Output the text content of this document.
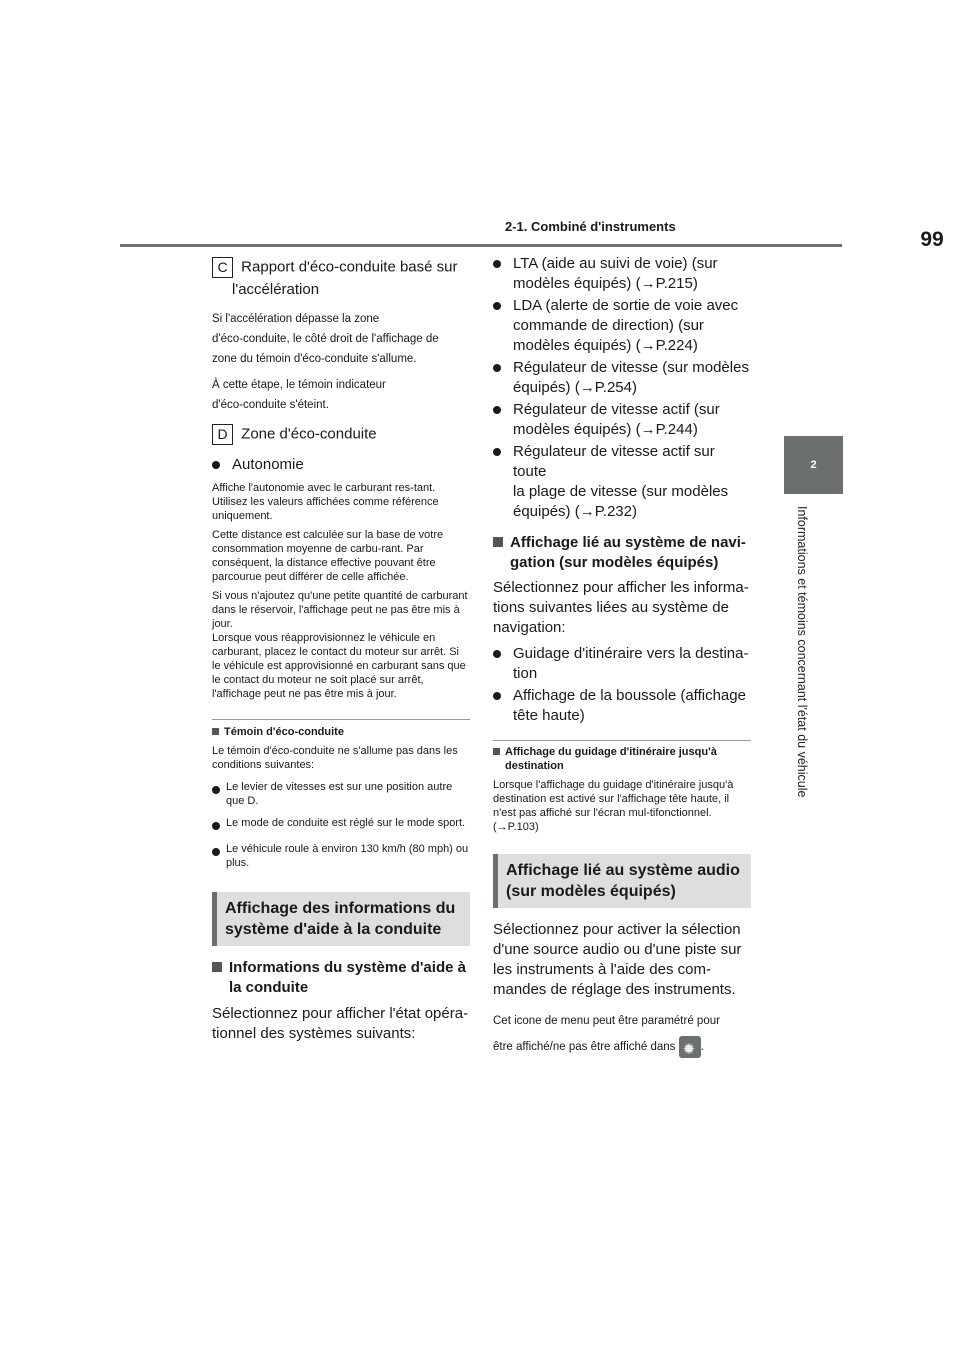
99
2-1. Combiné d'instruments
2
Informations et témoins concernant l'état du véhicule
C Rapport d'éco-conduite basé sur
l'accélération
Si l'accélération dépasse la zone
d'éco-conduite, le côté droit de l'affichage de
zone du témoin d'éco-conduite s'allume.
À cette étape, le témoin indicateur
d'éco-conduite s'éteint.
D Zone d'éco-conduite
Autonomie
Affiche l'autonomie avec le carburant res-tant. Utilisez les valeurs affichées comme référence uniquement.
Cette distance est calculée sur la base de votre consommation moyenne de carbu-rant. Par conséquent, la distance effective pouvant être parcourue peut différer de celle affichée.
Si vous n'ajoutez qu'une petite quantité de carburant dans le réservoir, l'affichage peut ne pas être mis à jour.
Lorsque vous réapprovisionnez le véhicule en carburant, placez le contact du moteur sur arrêt. Si le véhicule est approvisionné en carburant sans que le contact du moteur ne soit placé sur arrêt, l'affichage peut ne pas être mis à jour.
Témoin d'éco-conduite
Le témoin d'éco-conduite ne s'allume pas dans les conditions suivantes:
Le levier de vitesses est sur une position autre que D.
Le mode de conduite est réglé sur le mode sport.
Le véhicule roule à environ 130 km/h (80 mph) ou plus.
Affichage des informations du
système d'aide à la conduite
Informations du système d'aide à
la conduite
Sélectionnez pour afficher l'état opéra-
tionnel des systèmes suivants:
LTA (aide au suivi de voie) (sur
modèles équipés) (→P.215)
LDA (alerte de sortie de voie avec
commande de direction) (sur
modèles équipés) (→P.224)
Régulateur de vitesse (sur modèles
équipés) (→P.254)
Régulateur de vitesse actif (sur
modèles équipés) (→P.244)
Régulateur de vitesse actif sur toute
la plage de vitesse (sur modèles
équipés) (→P.232)
Affichage lié au système de navi-
gation (sur modèles équipés)
Sélectionnez pour afficher les informa-
tions suivantes liées au système de
navigation:
Guidage d'itinéraire vers la destina-
tion
Affichage de la boussole (affichage
tête haute)
Affichage du guidage d'itinéraire jusqu'à destination
Lorsque l'affichage du guidage d'itinéraire jusqu'à destination est activé sur l'affichage tête haute, il n'est pas affiché sur l'écran mul-tifonctionnel. (→P.103)
Affichage lié au système audio
(sur modèles équipés)
Sélectionnez pour activer la sélection
d'une source audio ou d'une piste sur
les instruments à l'aide des com-
mandes de réglage des instruments.
Cet icone de menu peut être paramétré pour
être affiché/ne pas être affiché dans ✹ .
